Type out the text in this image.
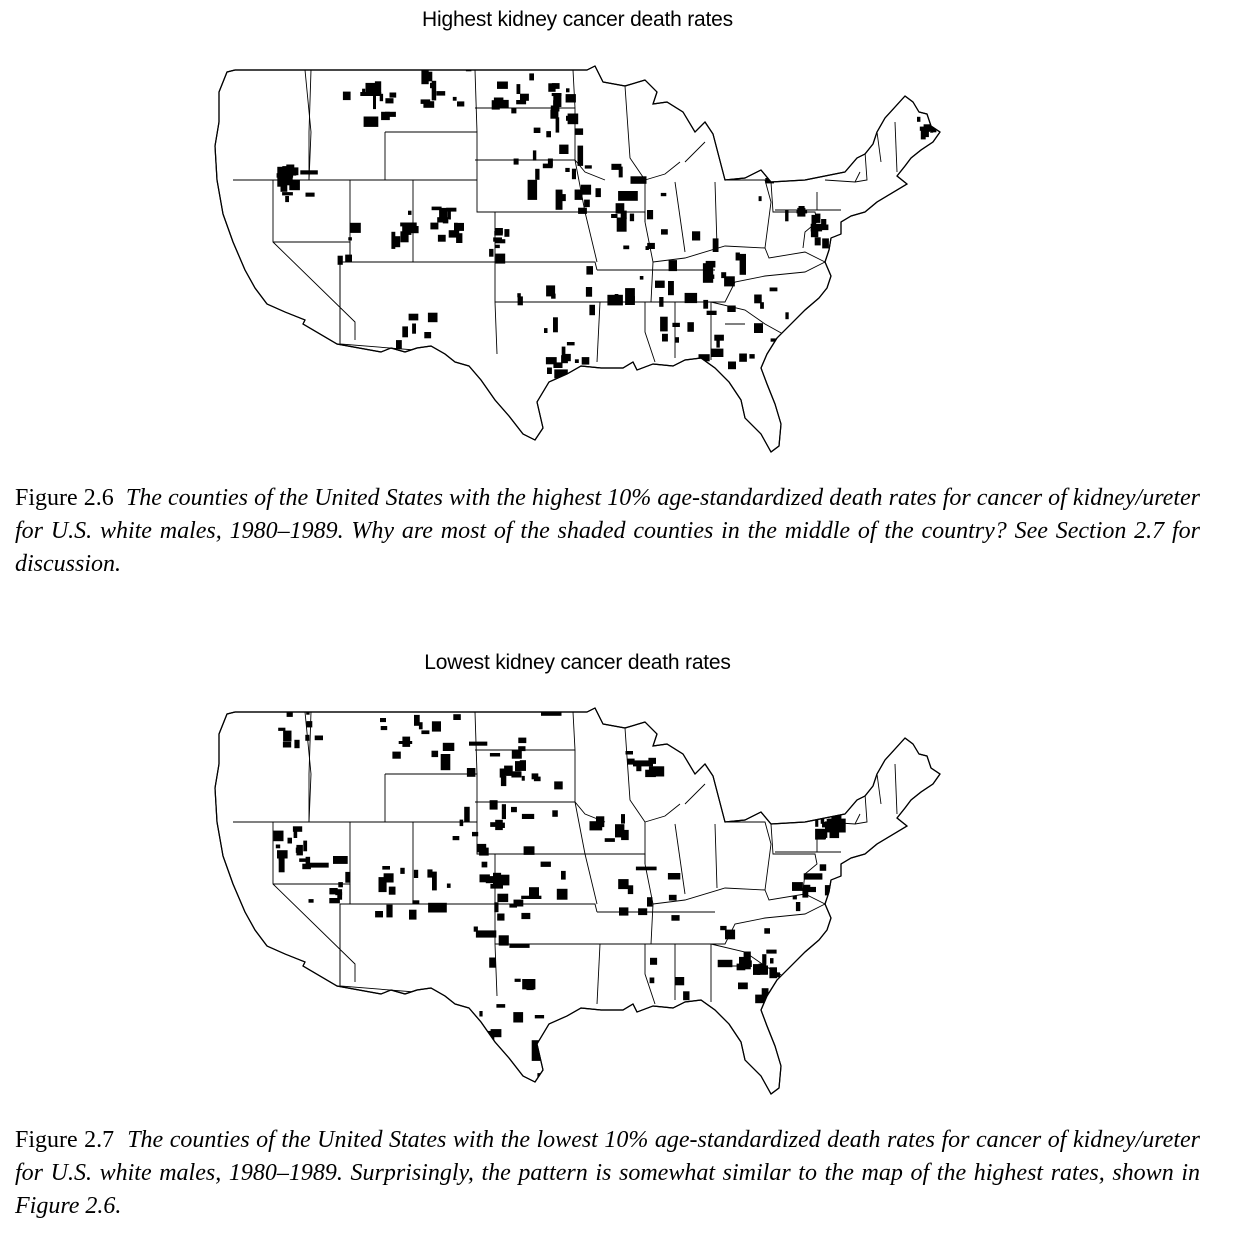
Highest kidney cancer death rates
Figure 2.6 The counties of the United States with the highest 10% age-standardized death rates for cancer of kidney/ureter for U.S. white males, 1980–1989. Why are most of the shaded counties in the middle of the country? See Section 2.7 for discussion.
Lowest kidney cancer death rates
Figure 2.7 The counties of the United States with the lowest 10% age-standardized death rates for cancer of kidney/ureter for U.S. white males, 1980–1989. Surprisingly, the pattern is somewhat similar to the map of the highest rates, shown in Figure 2.6.
